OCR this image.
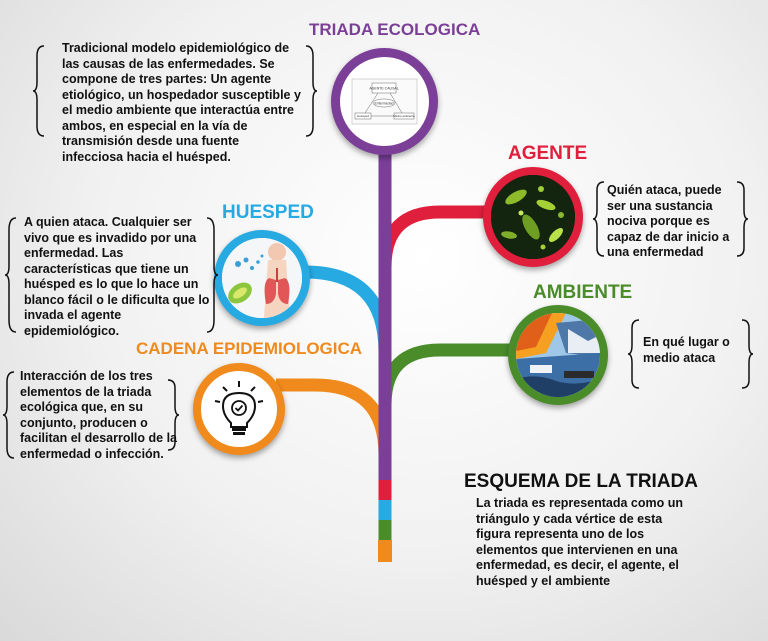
TRIADA ECOLOGICA
AGENTE CAUSAL
Enfermedad
Huésped	Medio ambiente
Tradicional modelo epidemiológico de las causas de las enfermedades. Se compone de tres partes: Un agente etiológico, un hospedador susceptible y el medio ambiente que interactúa entre ambos, en especial en la vía de transmisión desde una fuente infecciosa hacia el huésped.	AGENTE
Quién ataca, puede ser una sustancia nociva porque es capaz de dar inicio a una enfermedad
HUESPED
A quien ataca. Cualquier ser vivo que es invadido por una enfermedad. Las características que tiene un huésped es lo que lo hace un blanco fácil o le dificulta que lo invada el agente epidemiológico.
AMBIENTE
En qué lugar o medio ataca
CADENA EPIDEMIOLOGICA
Interacción de los tres elementos de la triada ecológica que, en su conjunto, producen o facilitan el desarrollo de la enfermedad o infección.
ESQUEMA DE LA TRIADA
La triada es representada como un triángulo y cada vértice de esta figura representa uno de los elementos que intervienen en una enfermedad, es decir, el agente, el huésped y el ambiente
